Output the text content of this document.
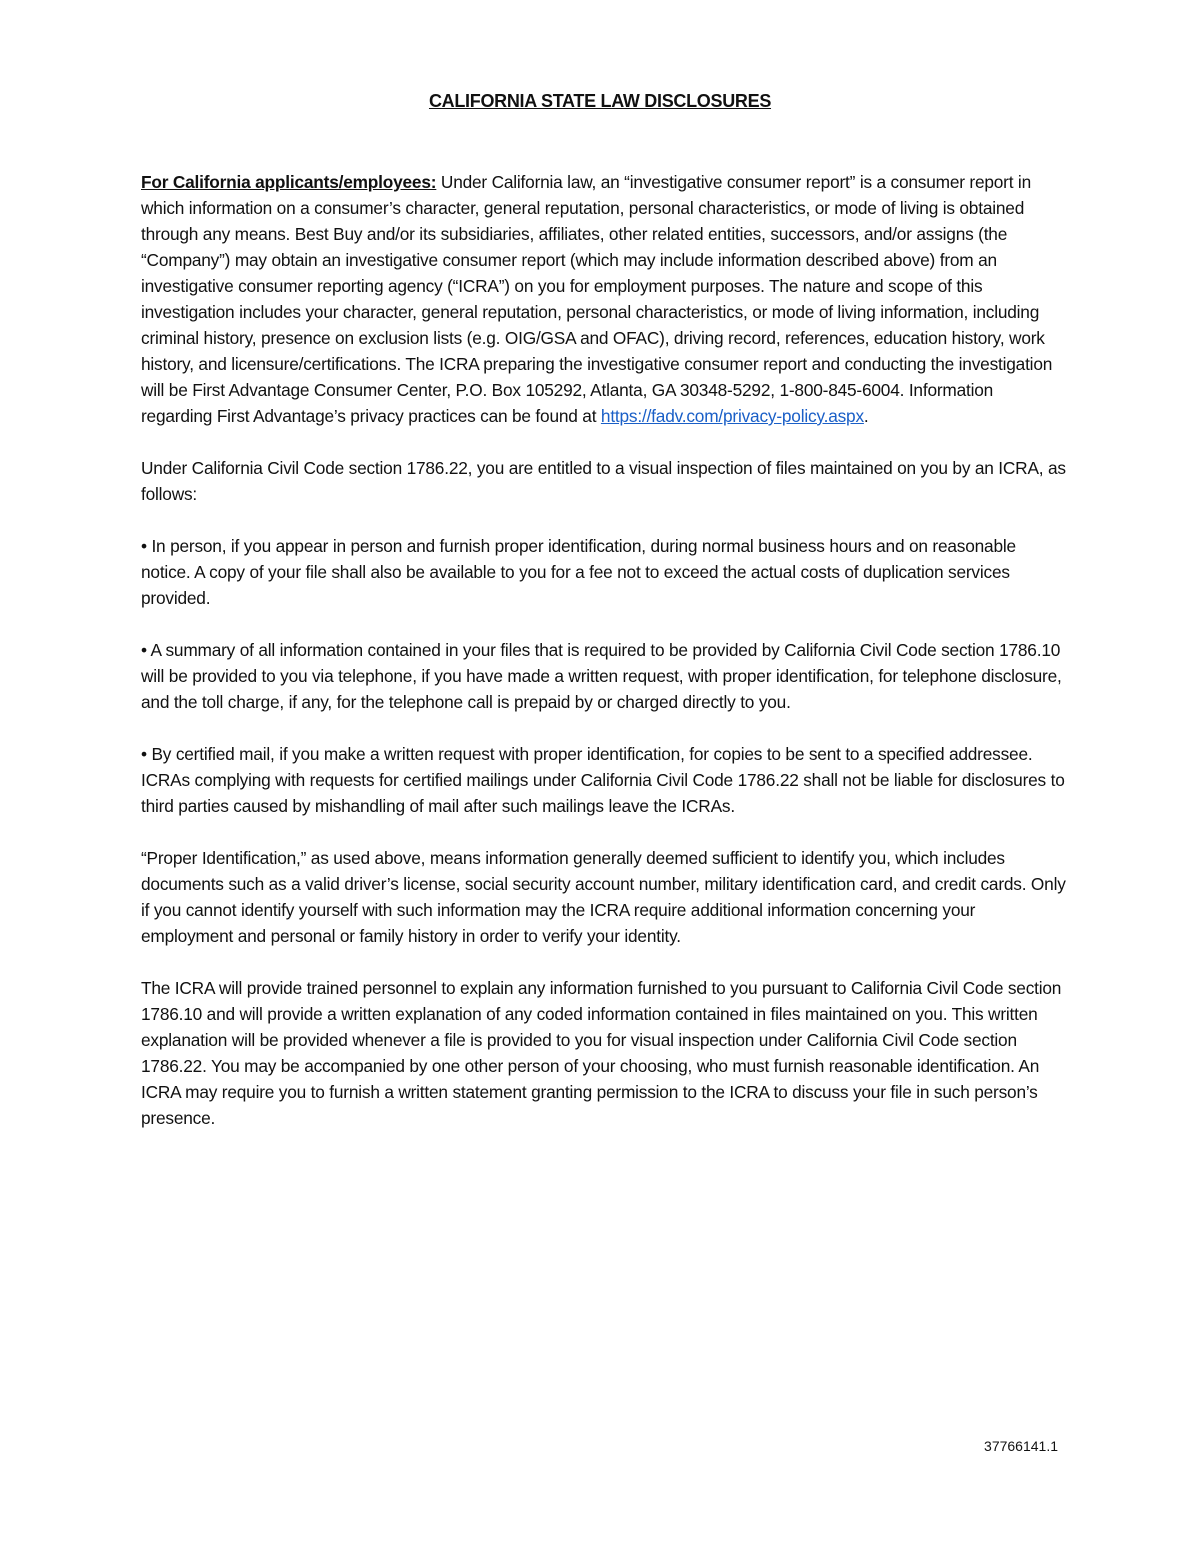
CALIFORNIA STATE LAW DISCLOSURES

For California applicants/employees: Under California law, an “investigative consumer report” is a consumer report in which information on a consumer’s character, general reputation, personal characteristics, or mode of living is obtained through any means. Best Buy and/or its subsidiaries, affiliates, other related entities, successors, and/or assigns (the “Company”) may obtain an investigative consumer report (which may include information described above) from an investigative consumer reporting agency (“ICRA”) on you for employment purposes. The nature and scope of this investigation includes your character, general reputation, personal characteristics, or mode of living information, including criminal history, presence on exclusion lists (e.g. OIG/GSA and OFAC), driving record, references, education history, work history, and licensure/certifications. The ICRA preparing the investigative consumer report and conducting the investigation will be First Advantage Consumer Center, P.O. Box 105292, Atlanta, GA 30348-5292, 1-800-845-6004. Information regarding First Advantage’s privacy practices can be found at https://fadv.com/privacy-policy.aspx.

Under California Civil Code section 1786.22, you are entitled to a visual inspection of files maintained on you by an ICRA, as follows:

• In person, if you appear in person and furnish proper identification, during normal business hours and on reasonable notice. A copy of your file shall also be available to you for a fee not to exceed the actual costs of duplication services provided.

• A summary of all information contained in your files that is required to be provided by California Civil Code section 1786.10 will be provided to you via telephone, if you have made a written request, with proper identification, for telephone disclosure, and the toll charge, if any, for the telephone call is prepaid by or charged directly to you.

• By certified mail, if you make a written request with proper identification, for copies to be sent to a specified addressee. ICRAs complying with requests for certified mailings under California Civil Code 1786.22 shall not be liable for disclosures to third parties caused by mishandling of mail after such mailings leave the ICRAs.

“Proper Identification,” as used above, means information generally deemed sufficient to identify you, which includes documents such as a valid driver’s license, social security account number, military identification card, and credit cards. Only if you cannot identify yourself with such information may the ICRA require additional information concerning your employment and personal or family history in order to verify your identity.

The ICRA will provide trained personnel to explain any information furnished to you pursuant to California Civil Code section 1786.10 and will provide a written explanation of any coded information contained in files maintained on you. This written explanation will be provided whenever a file is provided to you for visual inspection under California Civil Code section 1786.22. You may be accompanied by one other person of your choosing, who must furnish reasonable identification. An ICRA may require you to furnish a written statement granting permission to the ICRA to discuss your file in such person’s presence.

37766141.1
